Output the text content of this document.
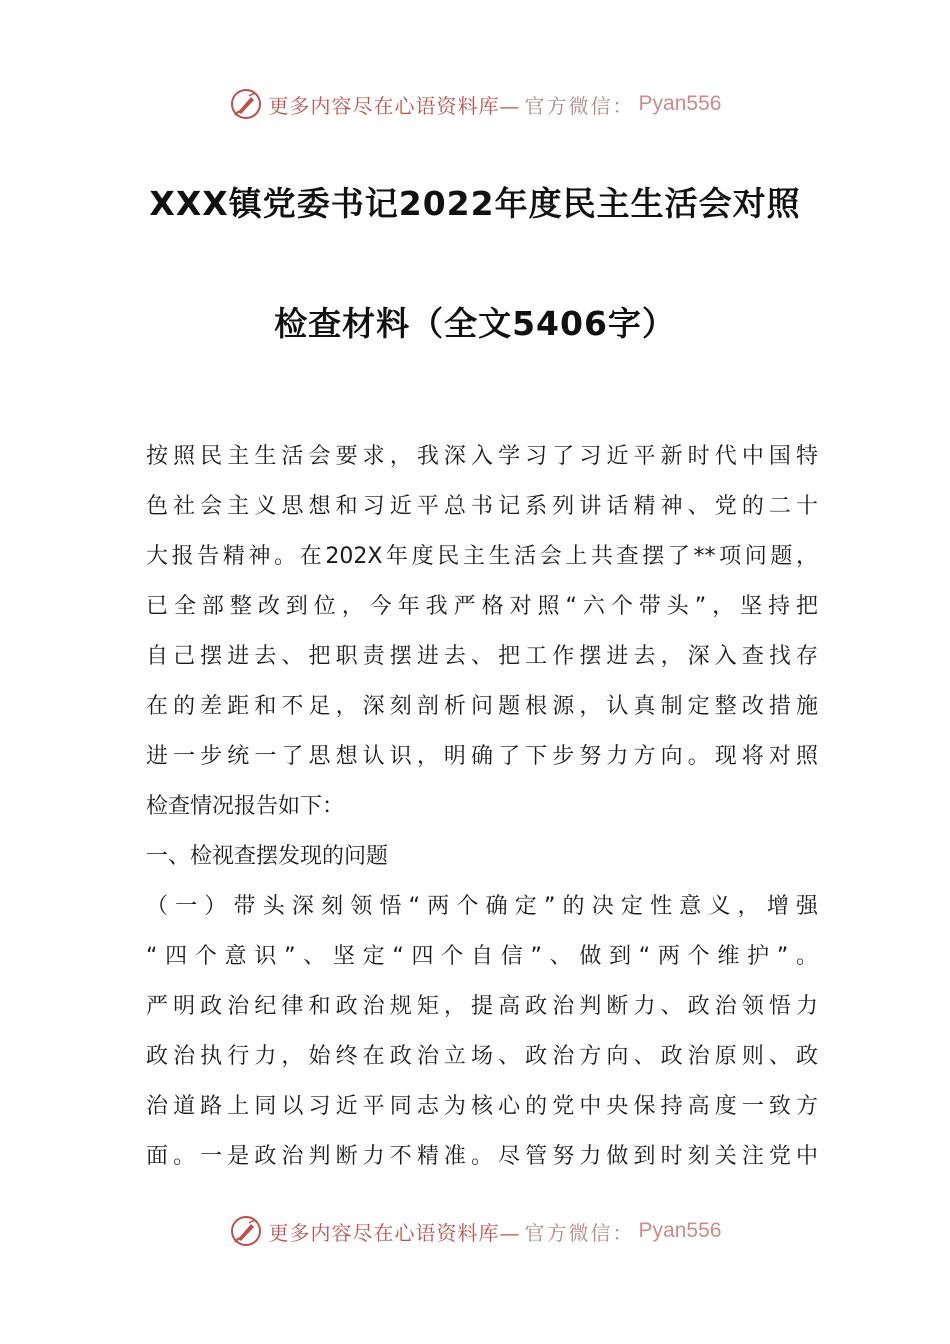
更多内容尽在心语资料库— 官方微信： Pyan556
XXX镇党委书记2022年度民主生活会对照
检查材料（全文5406字）
按照民主生活会要求，我深入学习了习近平新时代中国特
色社会主义思想和习近平总书记系列讲话精神、党的二十
大报告精神。在202X年度民主生活会上共查摆了**项问题，
已全部整改到位，今年我严格对照“六个带头”，坚持把
自己摆进去、把职责摆进去、把工作摆进去，深入查找存
在的差距和不足，深刻剖析问题根源，认真制定整改措施
进一步统一了思想认识，明确了下步努力方向。现将对照
检查情况报告如下：
一、检视查摆发现的问题
（一）带头深刻领悟“两个确定”的决定性意义，增强
“四个意识”、坚定“四个自信”、做到“两个维护”。
严明政治纪律和政治规矩，提高政治判断力、政治领悟力
政治执行力，始终在政治立场、政治方向、政治原则、政
治道路上同以习近平同志为核心的党中央保持高度一致方
面。一是政治判断力不精准。尽管努力做到时刻关注党中
更多内容尽在心语资料库— 官方微信： Pyan556
